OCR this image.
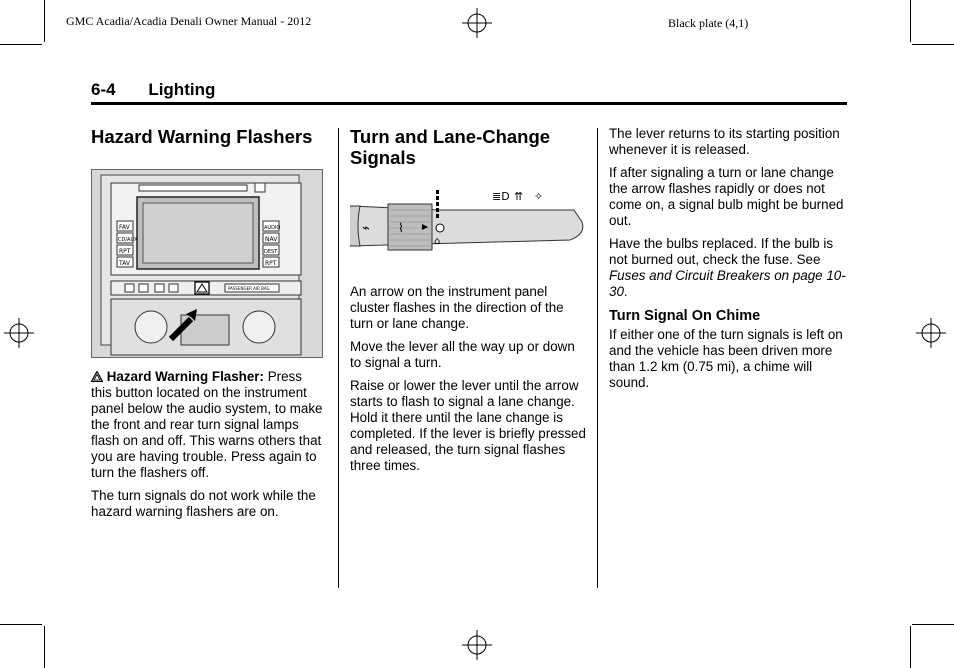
GMC Acadia/Acadia Denali Owner Manual - 2012	Black plate (4,1)
6-4 Lighting
Hazard Warning Flashers
FAV
CD/AUX
RPT
TAV
AUDIO
NAV
DEST
RPT
PASSENGER AIR BAG

Hazard Warning Flasher: Press this button located on the instrument panel below the audio system, to make the front and rear turn signal lamps flash on and off. This warns others that you are having trouble. Press again to turn the flashers off.

The turn signals do not work while the hazard warning flashers are on.

Turn and Lane-Change Signals
⌁ ⌇
⌂
≣D ⇈ ✧

An arrow on the instrument panel cluster flashes in the direction of the turn or lane change.

Move the lever all the way up or down to signal a turn.

Raise or lower the lever until the arrow starts to flash to signal a lane change. Hold it there until the lane change is completed. If the lever is briefly pressed and released, the turn signal flashes three times.

The lever returns to its starting position whenever it is released.

If after signaling a turn or lane change the arrow flashes rapidly or does not come on, a signal bulb might be burned out.

Have the bulbs replaced. If the bulb is not burned out, check the fuse. See Fuses and Circuit Breakers on page 10-30.

Turn Signal On Chime

If either one of the turn signals is left on and the vehicle has been driven more than 1.2 km (0.75 mi), a chime will sound.
